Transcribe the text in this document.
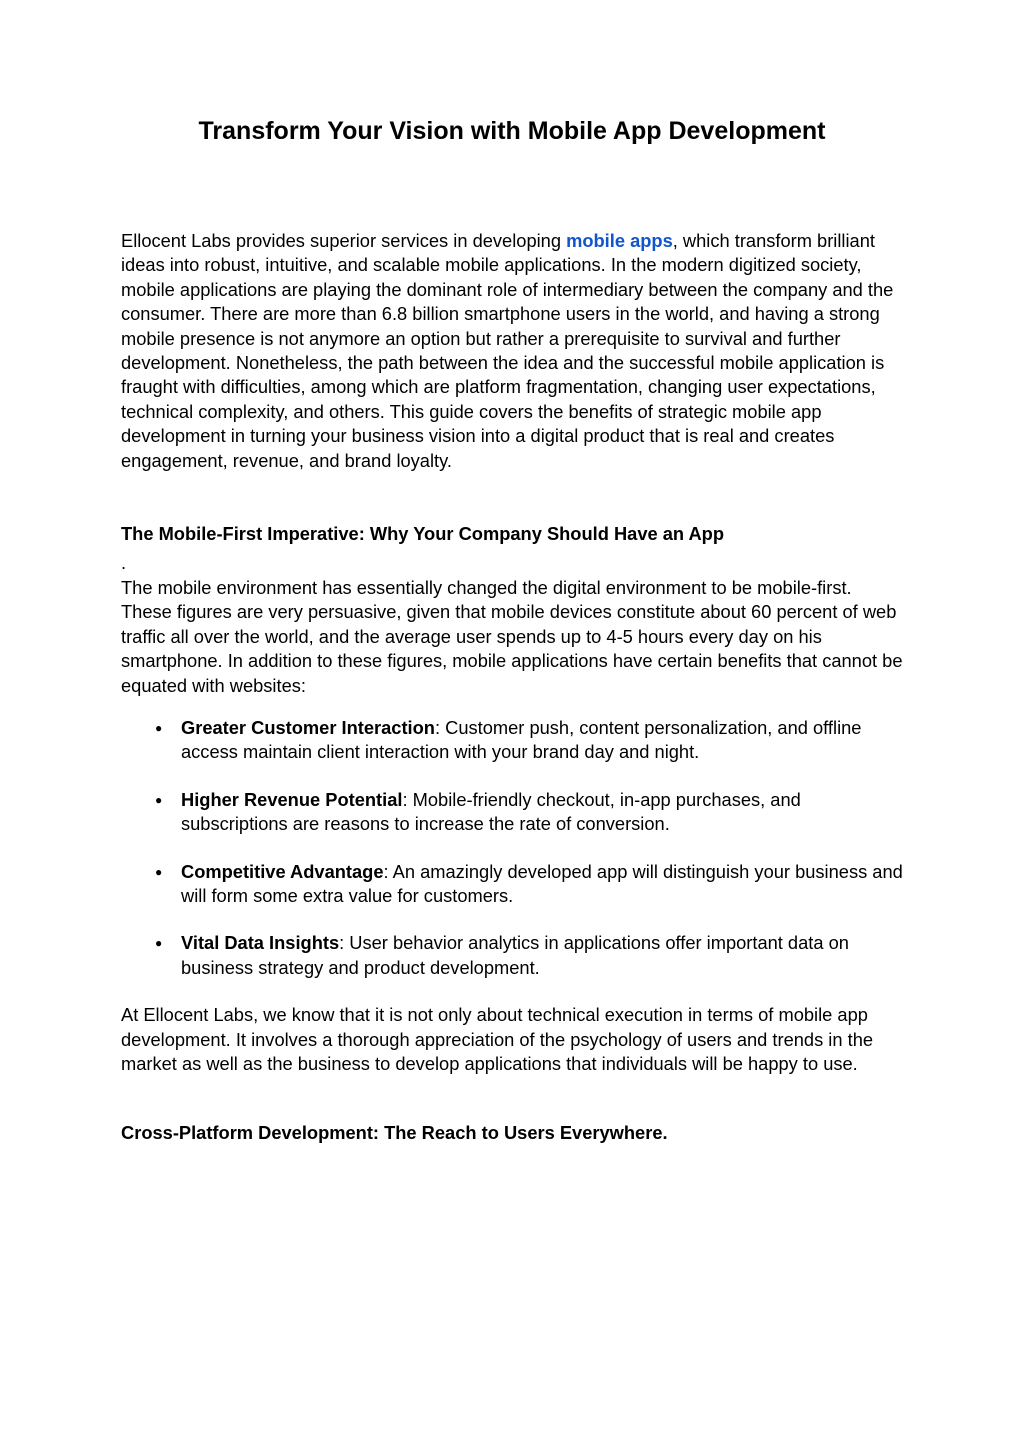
Transform Your Vision with Mobile App Development

Ellocent Labs provides superior services in developing mobile apps, which transform brilliant ideas into robust, intuitive, and scalable mobile applications. In the modern digitized society, mobile applications are playing the dominant role of intermediary between the company and the consumer. There are more than 6.8 billion smartphone users in the world, and having a strong mobile presence is not anymore an option but rather a prerequisite to survival and further development. Nonetheless, the path between the idea and the successful mobile application is fraught with difficulties, among which are platform fragmentation, changing user expectations, technical complexity, and others. This guide covers the benefits of strategic mobile app development in turning your business vision into a digital product that is real and creates engagement, revenue, and brand loyalty.

The Mobile-First Imperative: Why Your Company Should Have an App

.

The mobile environment has essentially changed the digital environment to be mobile-first. These figures are very persuasive, given that mobile devices constitute about 60 percent of web traffic all over the world, and the average user spends up to 4-5 hours every day on his smartphone. In addition to these figures, mobile applications have certain benefits that cannot be equated with websites:

● Greater Customer Interaction: Customer push, content personalization, and offline access maintain client interaction with your brand day and night.
● Higher Revenue Potential: Mobile-friendly checkout, in-app purchases, and subscriptions are reasons to increase the rate of conversion.
● Competitive Advantage: An amazingly developed app will distinguish your business and will form some extra value for customers.
● Vital Data Insights: User behavior analytics in applications offer important data on business strategy and product development.

At Ellocent Labs, we know that it is not only about technical execution in terms of mobile app development. It involves a thorough appreciation of the psychology of users and trends in the market as well as the business to develop applications that individuals will be happy to use.

Cross-Platform Development: The Reach to Users Everywhere.
